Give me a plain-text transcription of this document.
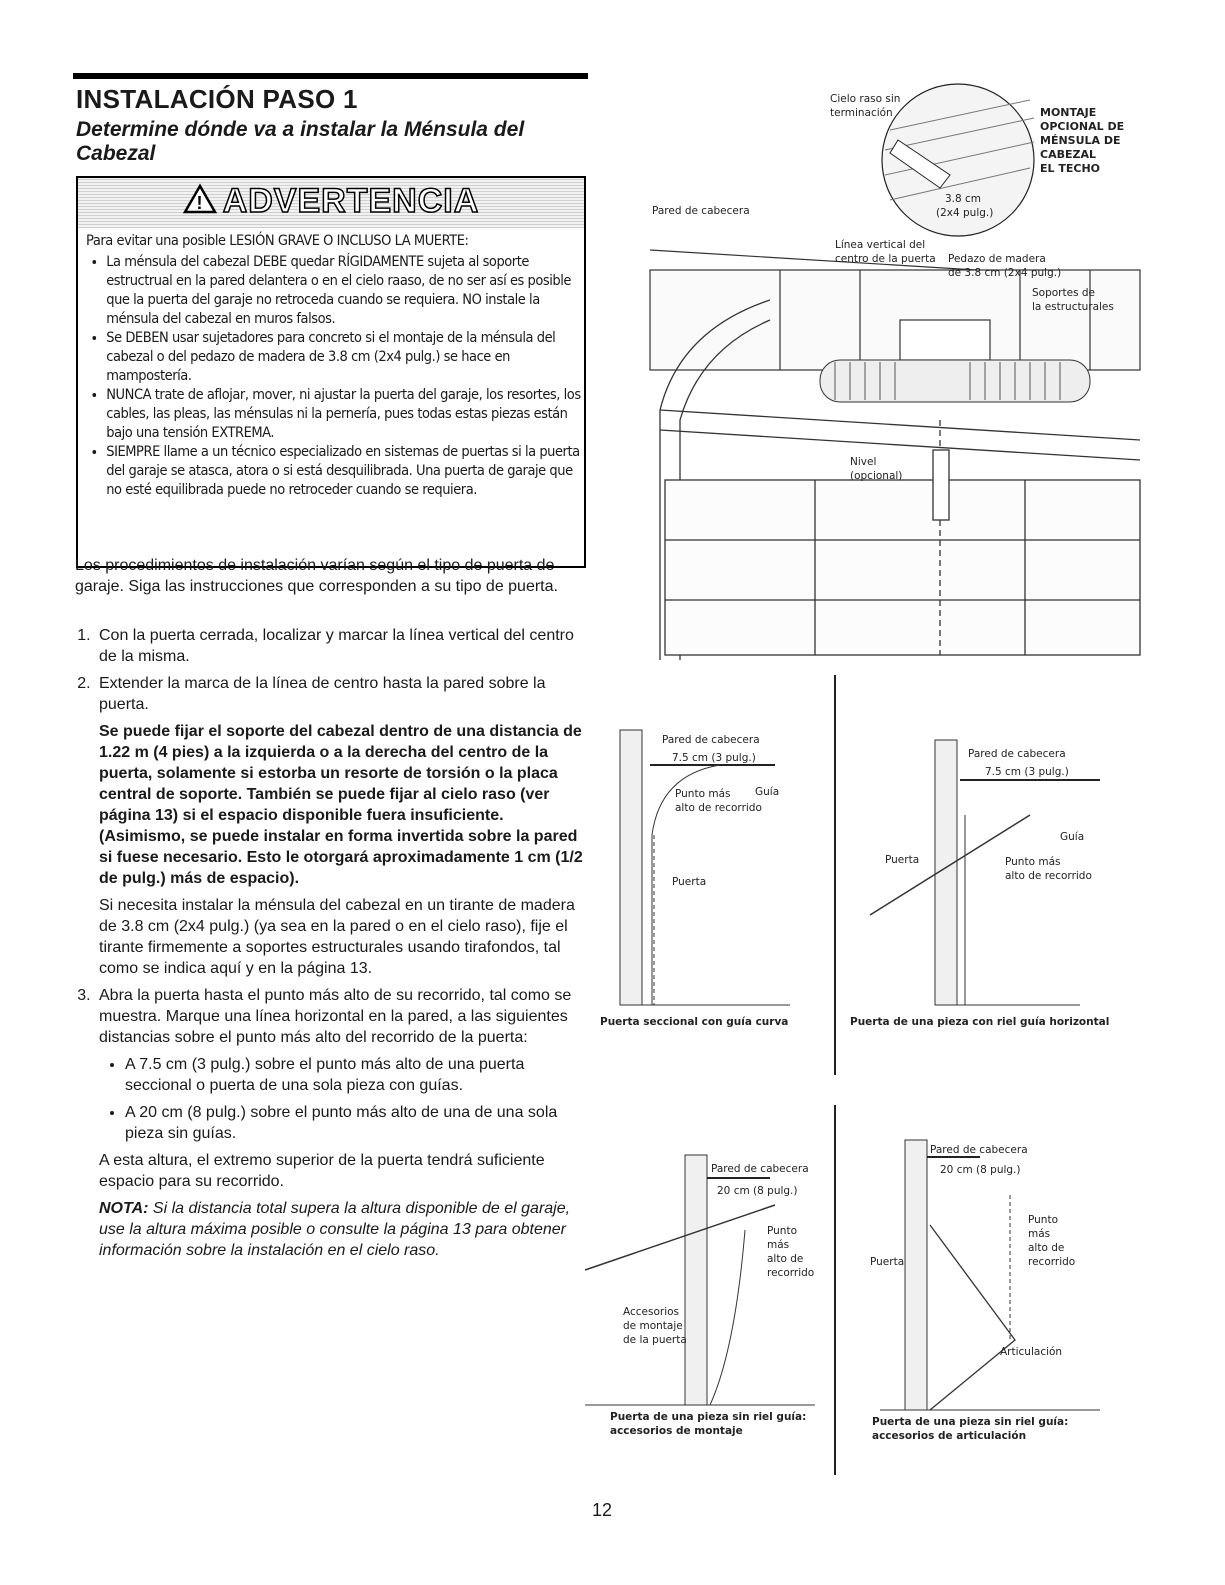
INSTALACIÓN PASO 1
Determine dónde va a instalar la Ménsula del Cabezal
! ADVERTENCIA
Para evitar una posible LESIÓN GRAVE O INCLUSO LA MUERTE:
• La ménsula del cabezal DEBE quedar RÍGIDAMENTE sujeta al soporte estructrual en la pared delantera o en el cielo raaso, de no ser así es posible que la puerta del garaje no retroceda cuando se requiera. NO instale la ménsula del cabezal en muros falsos.
• Se DEBEN usar sujetadores para concreto si el montaje de la ménsula del cabezal o del pedazo de madera de 3.8 cm (2x4 pulg.) se hace en mampostería.
• NUNCA trate de aflojar, mover, ni ajustar la puerta del garaje, los resortes, los cables, las pleas, las ménsulas ni la pernería, pues todas estas piezas están bajo una tensión EXTREMA.
• SIEMPRE llame a un técnico especializado en sistemas de puertas si la puerta del garaje se atasca, atora o si está desquilibrada. Una puerta de garaje que no esté equilibrada puede no retroceder cuando se requiera.
Los procedimientos de instalación varían según el tipo de puerta de garaje. Siga las instrucciones que corresponden a su tipo de puerta.
1. Con la puerta cerrada, localizar y marcar la línea vertical del centro de la misma.
2. Extender la marca de la línea de centro hasta la pared sobre la puerta.

Se puede fijar el soporte del cabezal dentro de una distancia de 1.22 m (4 pies) a la izquierda o a la derecha del centro de la puerta, solamente si estorba un resorte de torsión o la placa central de soporte. También se puede fijar al cielo raso (ver página 13) si el espacio disponible fuera insuficiente. (Asimismo, se puede instalar en forma invertida sobre la pared si fuese necesario. Esto le otorgará aproximadamente 1 cm (1/2 de pulg.) más de espacio).

Si necesita instalar la ménsula del cabezal en un tirante de madera de 3.8 cm (2x4 pulg.) (ya sea en la pared o en el cielo raso), fije el tirante firmemente a soportes estructurales usando tirafondos, tal como se indica aquí y en la página 13.

3. Abra la puerta hasta el punto más alto de su recorrido, tal como se muestra. Marque una línea horizontal en la pared, a las siguientes distancias sobre el punto más alto del recorrido de la puerta:
• A 7.5 cm (3 pulg.) sobre el punto más alto de una puerta seccional o puerta de una sola pieza con guías.
• A 20 cm (8 pulg.) sobre el punto más alto de una de una sola pieza sin guías.

A esta altura, el extremo superior de la puerta tendrá suficiente espacio para su recorrido.

NOTA: Si la distancia total supera la altura disponible de el garaje, use la altura máxima posible o consulte la página 13 para obtener información sobre la instalación en el cielo raso.

Cielo raso sin terminación	MONTAJE OPCIONAL DE MÉNSULA DE CABEZAL EL TECHO
3.8 cm (2x4 pulg.)
Pared de cabecera
Línea vertical del centro de la puerta Pedazo de madera de 3.8 cm (2x4 pulg.)
Soportes de la estructurales
Nivel (opcional)
Pared de cabecera
7.5 cm (3 pulg.)
Punto más alto de recorrido
Guía
Puerta
Puerta seccional con guía curva
Pared de cabecera
7.5 cm (3 pulg.)
Guía
Puerta	Punto más alto de recorrido
Puerta de una pieza con riel guía horizontal
Pared de cabecera
20 cm (8 pulg.)
Punto más alto de recorrido
Accesorios de montaje de la puerta
Puerta de una pieza sin riel guía: accesorios de montaje
Pared de cabecera
20 cm (8 pulg.)
Punto más alto de recorrido
Puerta
Articulación
Puerta de una pieza sin riel guía: accesorios de articulación
12
